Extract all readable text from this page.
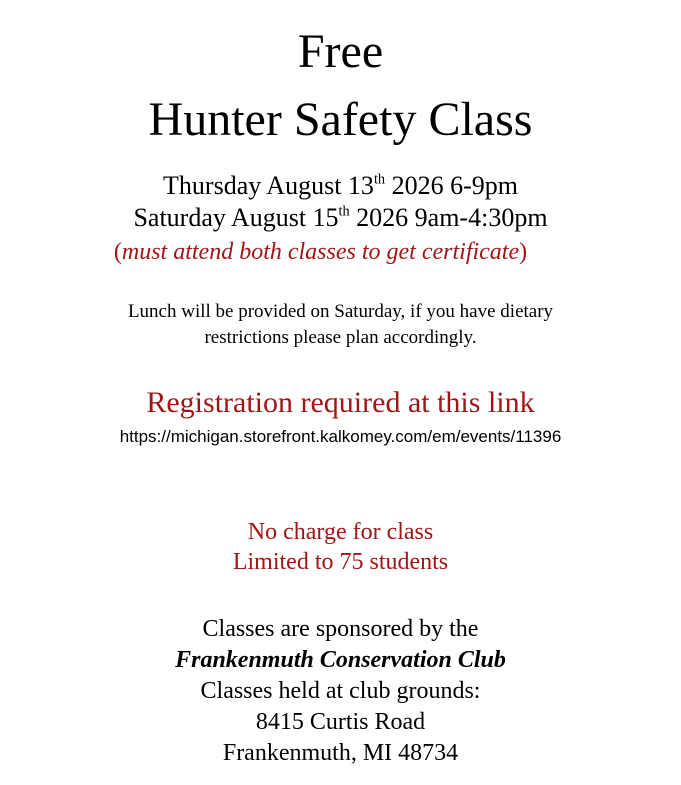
Free
Hunter Safety Class
Thursday August 13th 2026 6-9pm
Saturday August 15th 2026 9am-4:30pm
(must attend both classes to get certificate)
Lunch will be provided on Saturday, if you have dietary
restrictions please plan accordingly.
Registration required at this link
https://michigan.storefront.kalkomey.com/em/events/11396
No charge for class
Limited to 75 students
Classes are sponsored by the
Frankenmuth Conservation Club
Classes held at club grounds:
8415 Curtis Road
Frankenmuth, MI 48734
